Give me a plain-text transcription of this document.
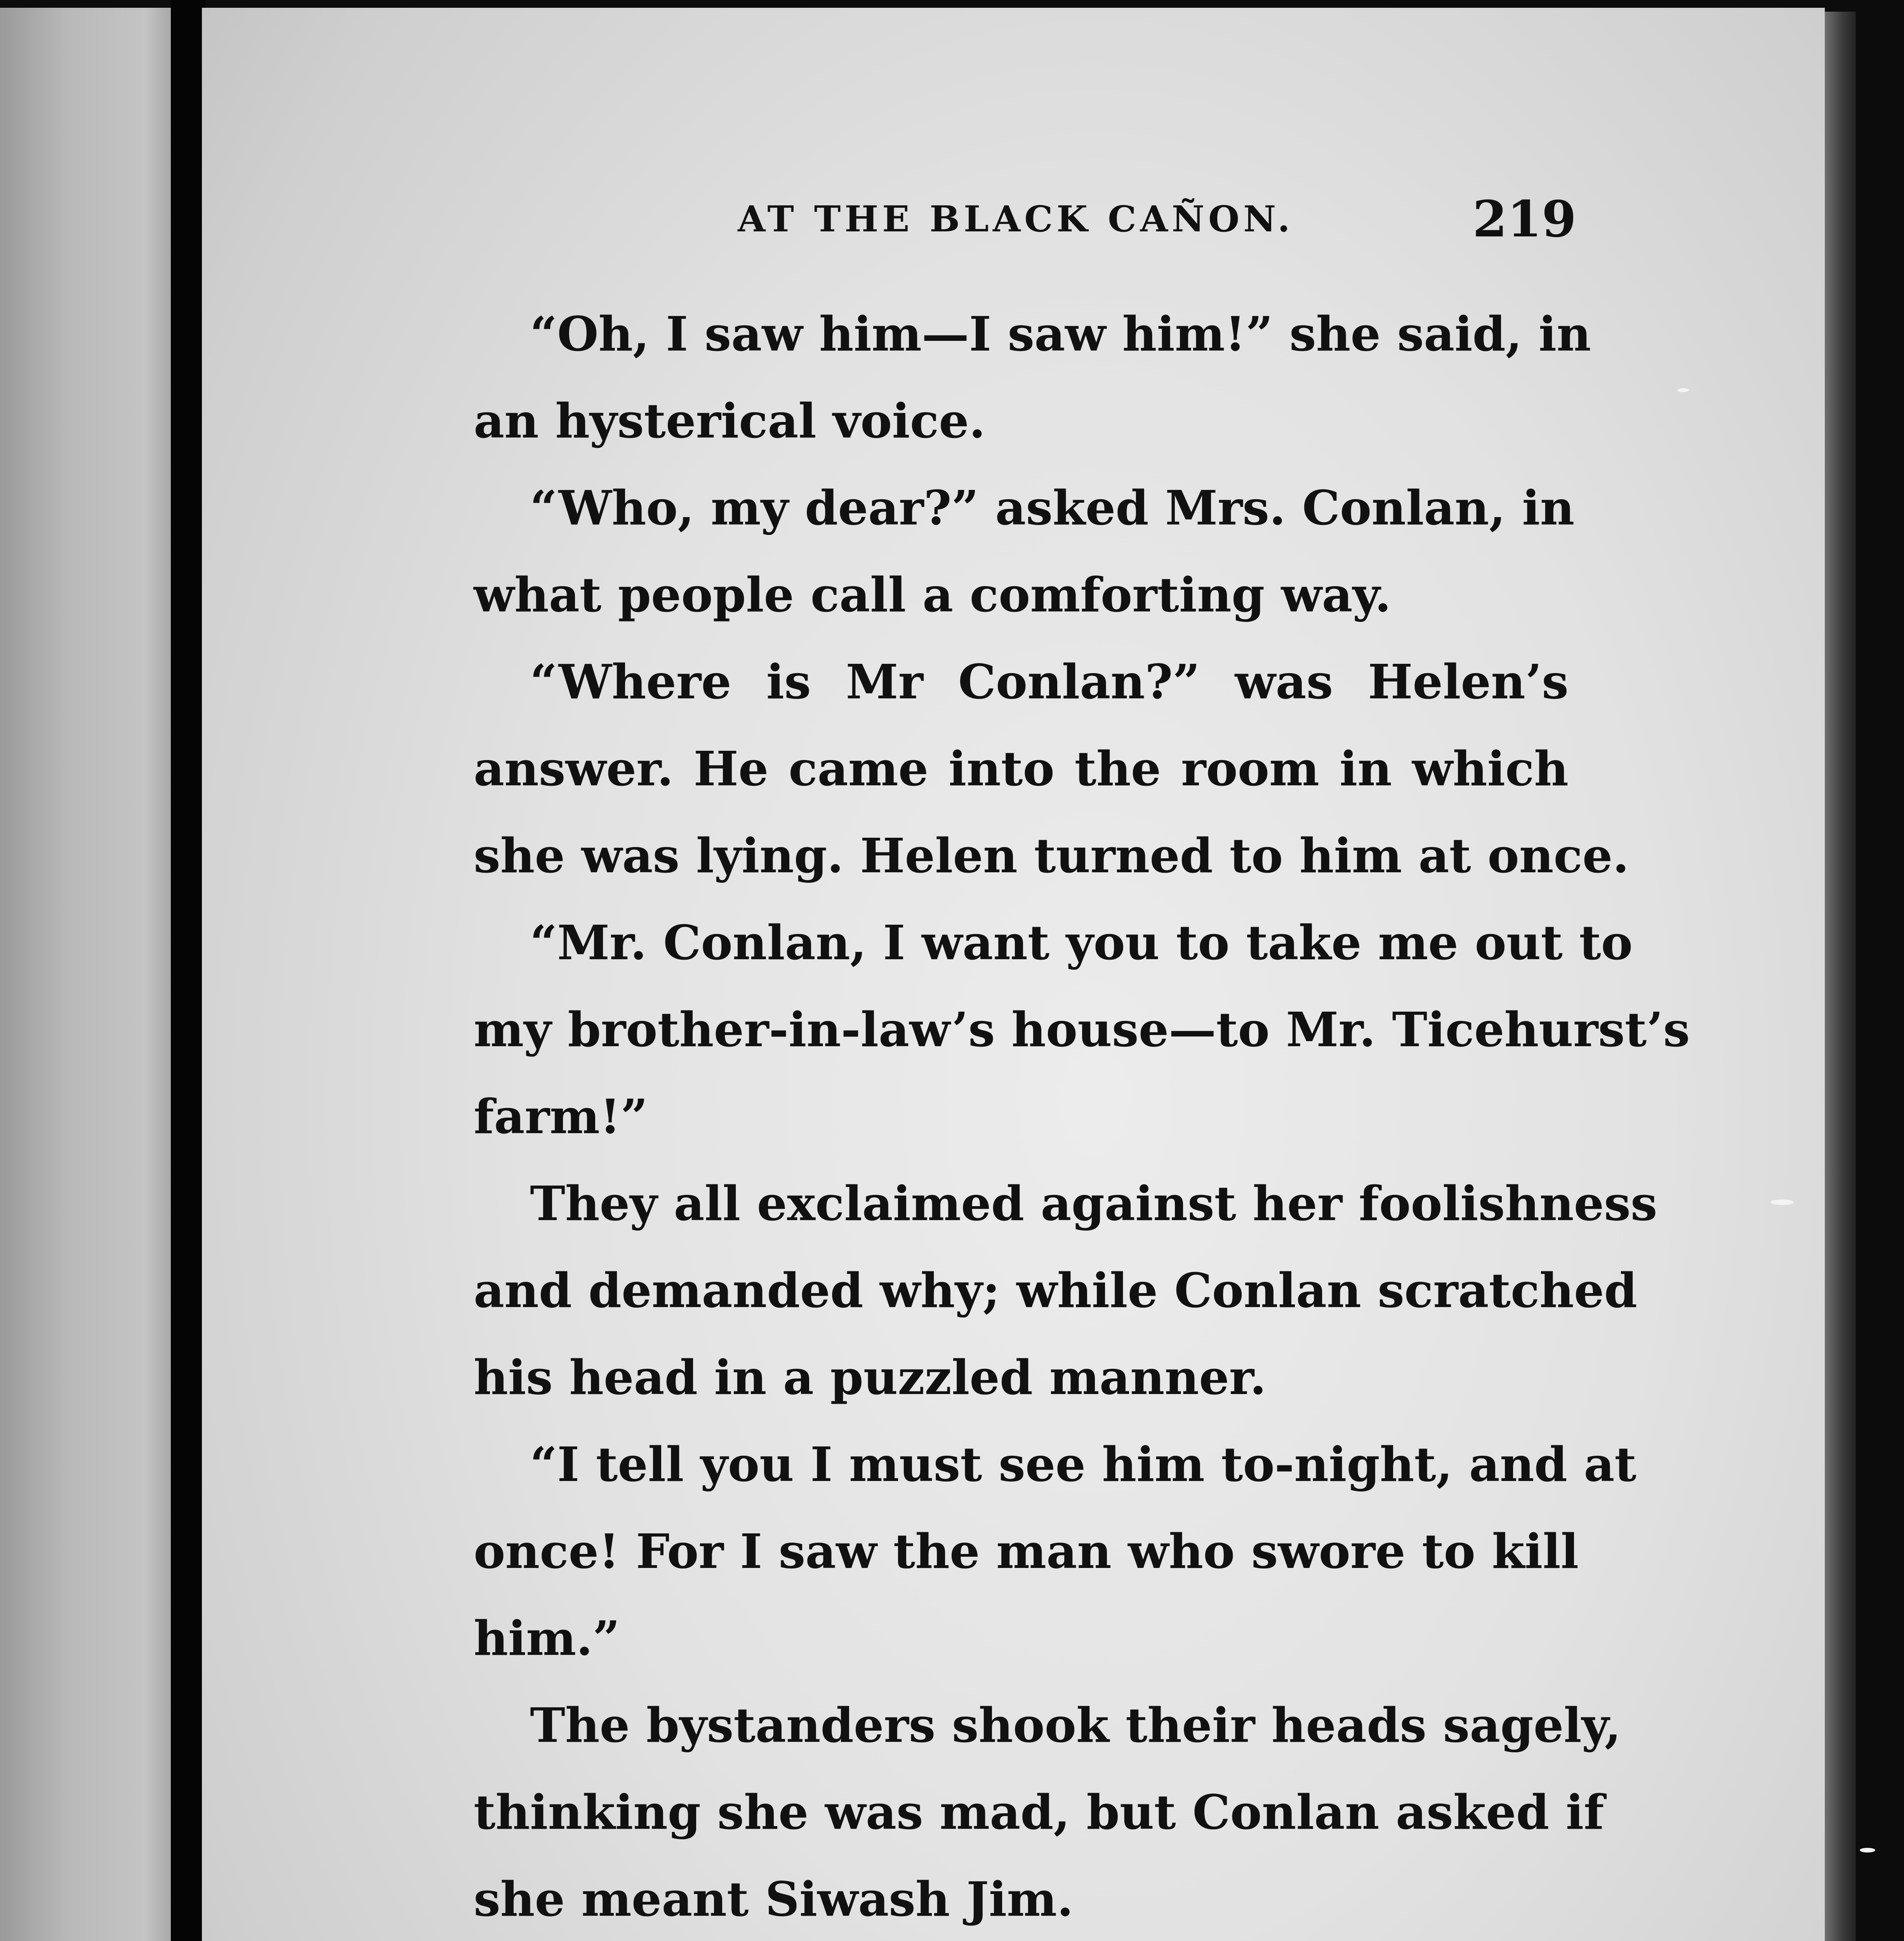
AT THE BLACK CAÑON.	219
“Oh, I saw him—I saw him!” she said, in
an hysterical voice.
“Who, my dear?” asked Mrs. Conlan, in
what people call a comforting way.
“Where is Mr Conlan?” was Helen’s
answer. He came into the room in which
she was lying. Helen turned to him at once.
“Mr. Conlan, I want you to take me out to
my brother-in-law’s house—to Mr. Ticehurst’s
farm!”
They all exclaimed against her foolishness
and demanded why; while Conlan scratched
his head in a puzzled manner.
“I tell you I must see him to-night, and at
once! For I saw the man who swore to kill
him.”
The bystanders shook their heads sagely,
thinking she was mad, but Conlan asked if
she meant Siwash Jim.
